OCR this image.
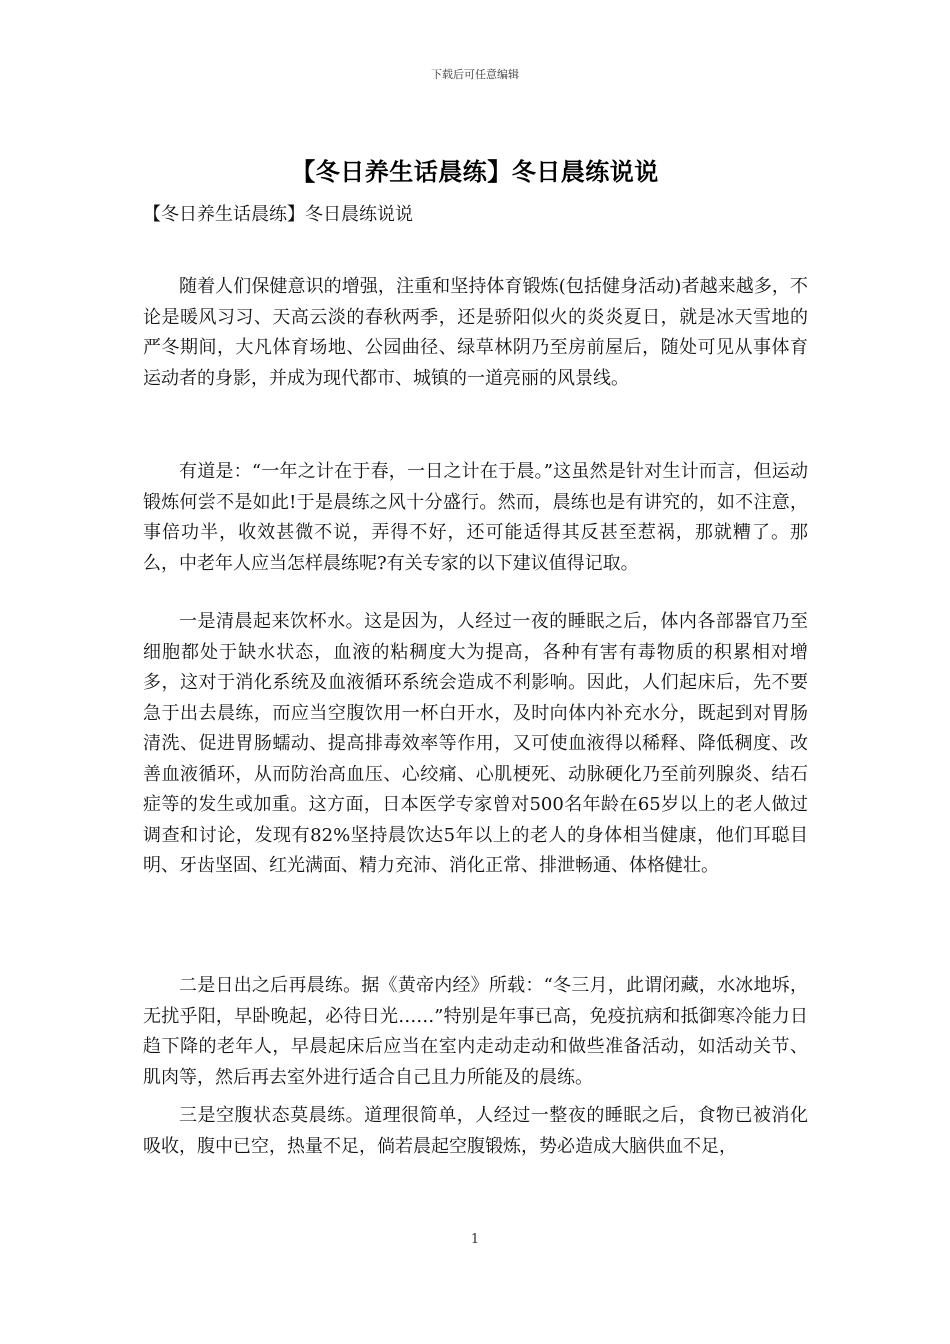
下载后可任意编辑
【冬日养生话晨练】冬日晨练说说
【冬日养生话晨练】冬日晨练说说

随着人们保健意识的增强，注重和坚持体育锻炼(包括健身活动)者越来越多，不论是暖风习习、天高云淡的春秋两季，还是骄阳似火的炎炎夏日，就是冰天雪地的严冬期间，大凡体育场地、公园曲径、绿草林阴乃至房前屋后，随处可见从事体育运动者的身影，并成为现代都市、城镇的一道亮丽的风景线。

有道是：“一年之计在于春，一日之计在于晨。”这虽然是针对生计而言，但运动锻炼何尝不是如此!于是晨练之风十分盛行。然而，晨练也是有讲究的，如不注意，事倍功半，收效甚微不说，弄得不好，还可能适得其反甚至惹祸，那就糟了。那么，中老年人应当怎样晨练呢?有关专家的以下建议值得记取。

一是清晨起来饮杯水。这是因为，人经过一夜的睡眠之后，体内各部器官乃至细胞都处于缺水状态，血液的粘稠度大为提高，各种有害有毒物质的积累相对增多，这对于消化系统及血液循环系统会造成不利影响。因此，人们起床后，先不要急于出去晨练，而应当空腹饮用一杯白开水，及时向体内补充水分，既起到对胃肠清洗、促进胃肠蠕动、提高排毒效率等作用，又可使血液得以稀释、降低稠度、改善血液循环，从而防治高血压、心绞痛、心肌梗死、动脉硬化乃至前列腺炎、结石症等的发生或加重。这方面，日本医学专家曾对500名年龄在65岁以上的老人做过调查和讨论，发现有82%坚持晨饮达5年以上的老人的身体相当健康，他们耳聪目明、牙齿坚固、红光满面、精力充沛、消化正常、排泄畅通、体格健壮。

二是日出之后再晨练。据《黄帝内经》所载：“冬三月，此谓闭藏，水冰地坼，无扰乎阳，早卧晚起，必待日光……”特别是年事已高，免疫抗病和抵御寒冷能力日趋下降的老年人，早晨起床后应当在室内走动走动和做些准备活动，如活动关节、肌肉等，然后再去室外进行适合自己且力所能及的晨练。

三是空腹状态莫晨练。道理很简单，人经过一整夜的睡眠之后，食物已被消化吸收，腹中已空，热量不足，倘若晨起空腹锻炼，势必造成大脑供血不足，

1
